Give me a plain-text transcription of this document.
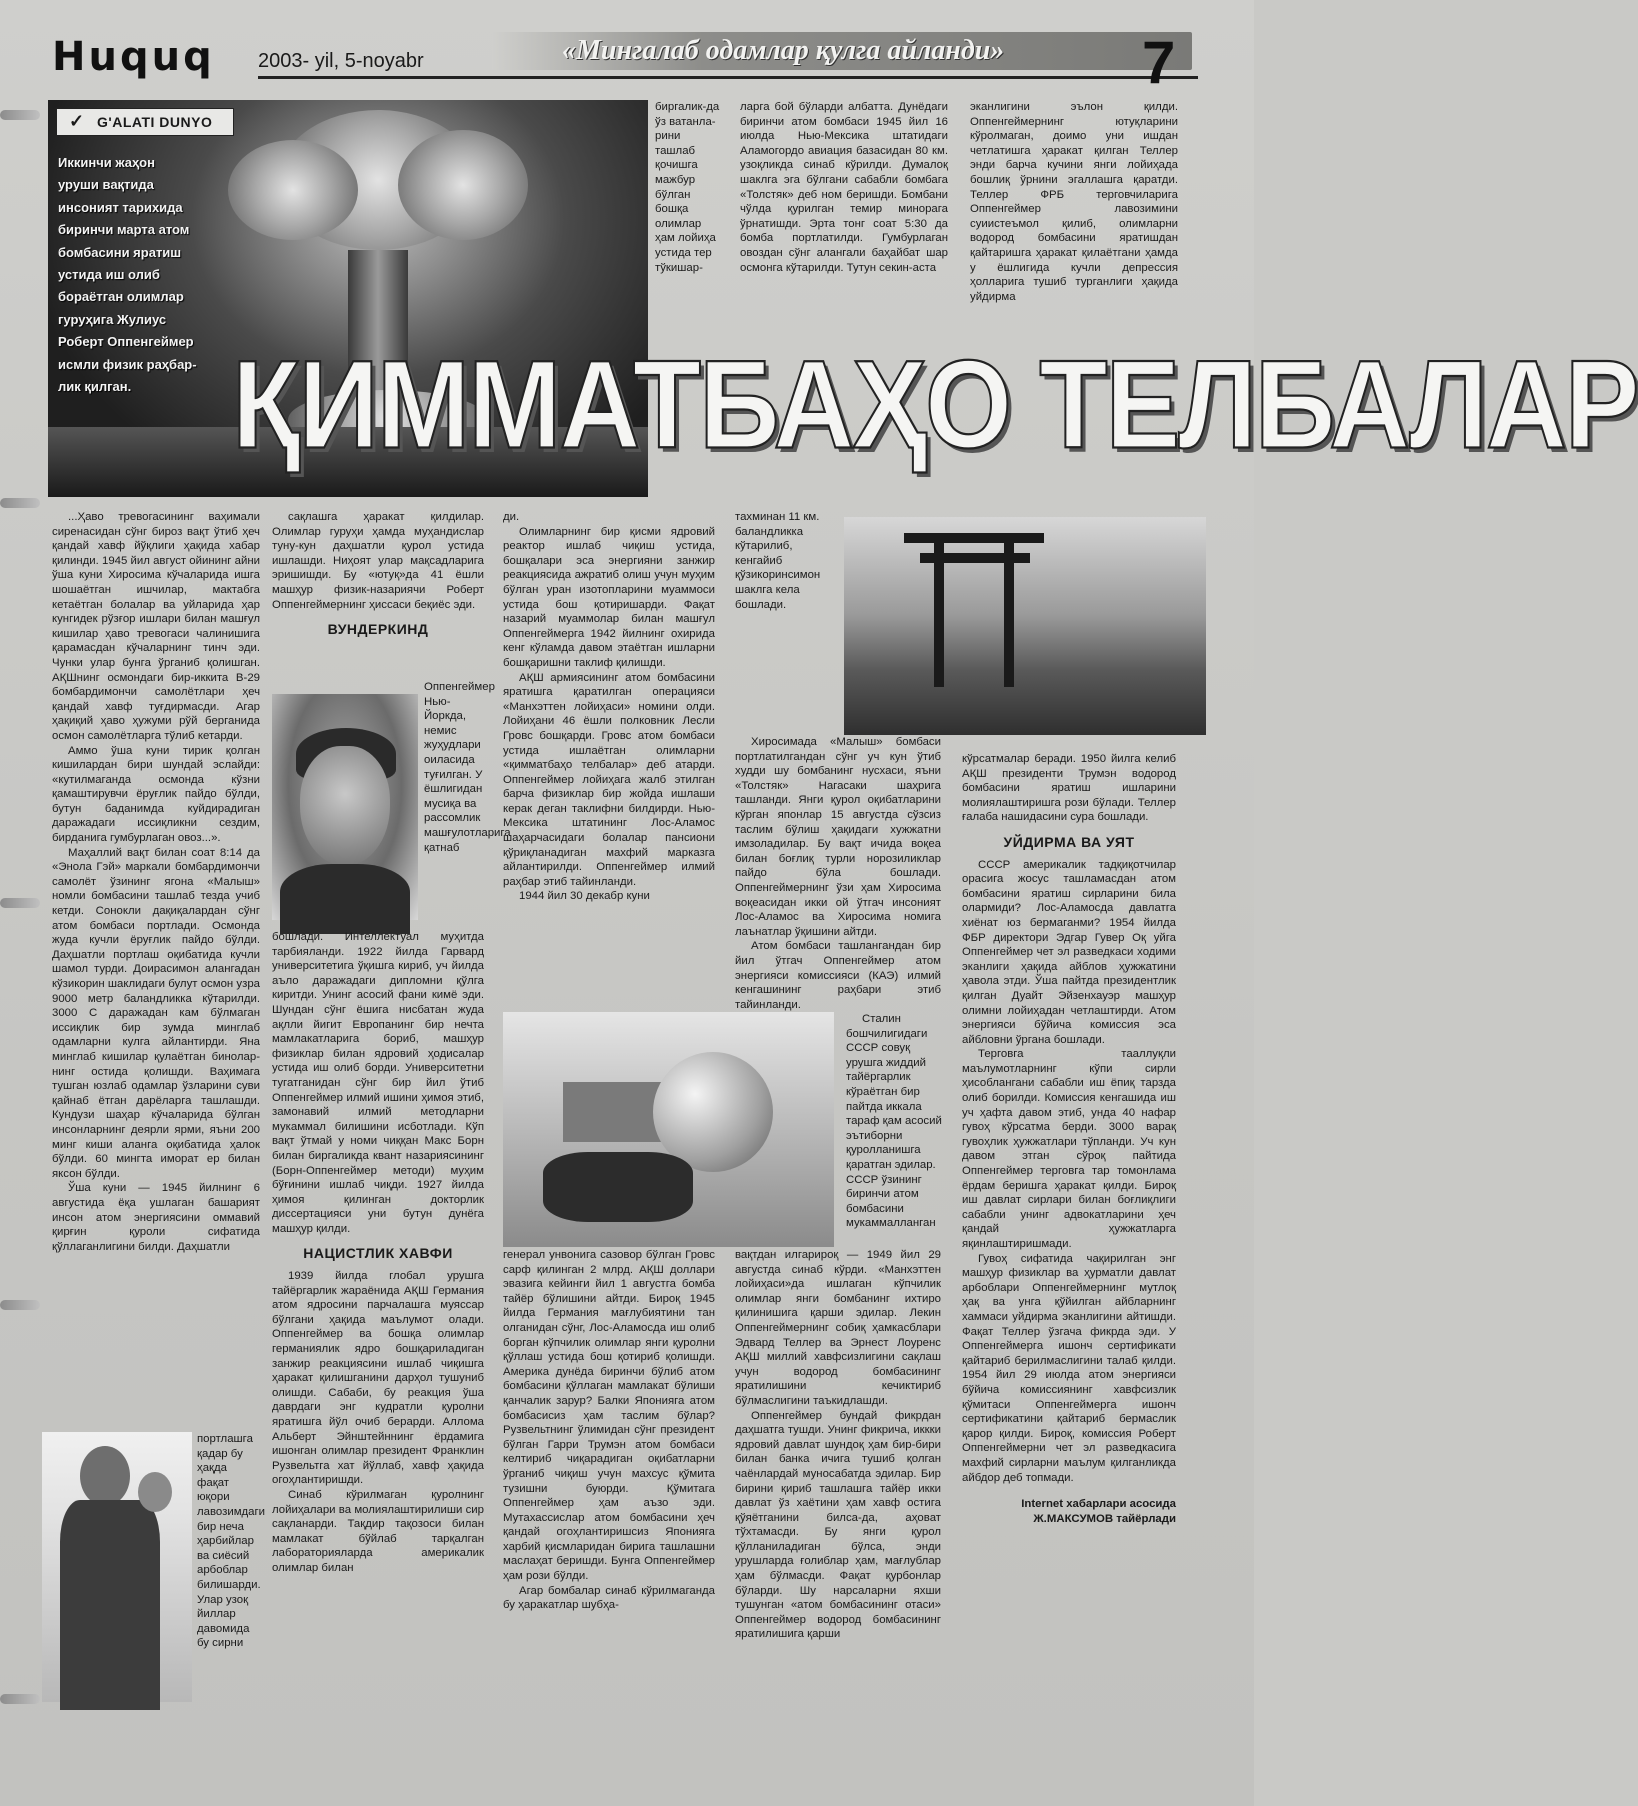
Huquq 2003- yil, 5-noyabr	«Мингалаб одамлар қулга айланди» 7
✓ G'ALATI DUNYO
Иккинчи жаҳон
уруши вақтида
инсоният тарихида
биринчи марта атом
бомбасини яратиш
устида иш олиб
бораётган олимлар
гуруҳига Жулиус
Роберт Оппенгеймер
исмли физик раҳбар-
лик қилган.

биргалик-да ўз ватанла-рини ташлаб қочишга мажбур бўлган бошқа олимлар ҳам лойиҳа устида тер тўкишар-

ларга бой бўларди албатта. Дунёдаги биринчи атом бомбаси 1945 йил 16 июлда Нью-Мексика штатидаги Аламогордо авиация базасидан 80 км. узоқликда синаб кўрилди. Думалоқ шаклга эга бўлгани сабабли бомбага «Толстяк» деб ном беришди. Бомбани чўлда қурилган темир минорага ўрнатишди. Эрта тонг соат 5:30 да бомба портлатилди. Гумбурлаган овоздан сўнг алангали баҳайбат шар осмонга кўтарилди. Тутун секин-аста

эканлигини эълон қилди. Оппенгеймернинг ютуқларини кўролмаган, доимо уни ишдан четлатишга ҳаракат қилган Теллер энди барча кучини янги лойиҳада бошлиқ ўрнини эгаллашга қаратди. Теллер ФРБ терговчиларига Оппенгеймер лавозимини суиистеъмол қилиб, олимларни водород бомбасини яратишдан қайтаришга ҳаракат қилаётгани ҳамда у ёшлигида кучли депрессия ҳолларига тушиб турганлиги ҳақида уйдирма

ҚИММАТБАҲО ТЕЛБАЛАР

...Ҳаво тревогасининг ваҳимали сиренасидан сўнг бироз вақт ўтиб ҳеч қандай хавф йўқлиги ҳақида хабар қилинди. 1945 йил август ойининг айни ўша куни Хиросима кўчаларида ишга шошаётган ишчилар, мактабга кетаётган болалар ва уйларида ҳар кунгидек рўзғор ишлари билан машғул кишилар ҳаво тревогаси чалинишига қарамасдан кўчаларнинг тинч эди. Чунки улар бунга ўрганиб қолишган. АҚШнинг осмондаги бир-иккита В-29 бомбардимончи самолётлари ҳеч қандай хавф туғдирмасди. Агар ҳақиқий ҳаво ҳужуми рўй берганида осмон самолётларга тўлиб кетарди.

Аммо ўша куни тирик қолган кишилардан бири шундай эслайди: «кутилмаганда осмонда кўзни қамаштирувчи ёруғлик пайдо бўлди, бутун баданимда куйдирадиган даражадаги иссиқликни сездим, бирданига гумбурлаган овоз...».

Маҳаллий вақт билан соат 8:14 да «Энола Гэй» маркали бомбардимончи самолёт ўзининг ягона «Малыш» номли бомбасини ташлаб тезда учиб кетди. Сонокли дақиқалардан сўнг атом бомбаси портлади. Осмонда жуда кучли ёруғлик пайдо бўлди. Даҳшатли портлаш оқибатида кучли шамол турди. Доирасимон алангадан кўзикорин шаклидаги булут осмон узра 9000 метр баландликка кўтарилди. 3000 С даражадан кам бўлмаган иссиқлик бир зумда минглаб одамларни кулга айлантирди. Яна минглаб кишилар қулаётган бинолар-нинг остида қолишди. Ваҳимага тушган юзлаб одамлар ўзларини суви қайнаб ётган дарёларга ташлашди. Кундузи шаҳар кўчаларида бўлган инсонларнинг деярли ярми, яъни 200 минг киши аланга оқибатида ҳалок бўлди. 60 мингта иморат ер билан яксон бўлди.

Ўша куни — 1945 йилнинг 6 августида ёқа ушлаган башарият инсон атом энергиясини оммавий қирғин қуроли сифатида қўллаганлигини билди. Даҳшатли

портлашга қадар бу ҳақда фақат юқори лавозимдаги бир неча ҳарбийлар ва сиёсий арбоблар билишарди. Улар узоқ йиллар давомида бу сирни

сақлашга ҳаракат қилдилар. Олимлар гуруҳи ҳамда муҳандислар туну-кун даҳшатли қурол устида ишлашди. Ниҳоят улар мақсадларига эришишди. Бу «ютуқ»да 41 ёшли машҳур физик-назариячи Роберт Оппенгеймернинг ҳиссаси беқиёс эди.

ВУНДЕРКИНД

Оппенгеймер Нью-Йоркда, немис жуҳудлари оиласида туғилган. У ёшлигидан мусиқа ва рассомлик машғулотларига қатнаб

бошлади. Интеллектуал муҳитда тарбияланди. 1922 йилда Гарвард университетига ўқишга кириб, уч йилда аъло даражадаги дипломни қўлга киритди. Унинг асосий фани кимё эди. Шундан сўнг ёшига нисбатан жуда ақлли йигит Европанинг бир нечта мамлакатларига бориб, машҳур физиклар билан ядровий ҳодисалар устида иш олиб борди. Университетни тугатганидан сўнг бир йил ўтиб Оппенгеймер илмий ишини ҳимоя этиб, замонавий илмий методларни мукаммал билишини исботлади. Кўп вақт ўтмай у номи чиққан Макс Борн билан биргаликда квант назариясининг (Борн-Оппенгеймер методи) муҳим бўғинини ишлаб чиқди. 1927 йилда ҳимоя қилинган докторлик диссертацияси уни бутун дунёга машҳур қилди.

НАЦИСТЛИК ХАВФИ

1939 йилда глобал урушга тайёргарлик жараёнида АҚШ Германия атом ядросини парчалашга муяссар бўлгани ҳақида маълумот олади. Оппенгеймер ва бошқа олимлар германиялик ядро бошқариладиган занжир реакциясини ишлаб чиқишга ҳаракат қилишганини дарҳол тушуниб олишди. Сабаби, бу реакция ўша даврдаги энг кудратли қуролни яратишга йўл очиб берарди. Алломa Альберт Эйнштейннинг ёрдамига ишонган олимлар президент Франклин Рузвельтга хат йўллаб, хавф ҳақида огоҳлантиришди.

Синаб кўрилмаган қуролнинг лойиҳалари ва молиялаштирилиши сир сақланарди. Тақдир тақозоси билан мамлакат бўйлаб тарқалган лабораторияларда америкалик олимлар билан

ди.

Олимларнинг бир қисми ядровий реактор ишлаб чиқиш устида, бошқалари эса энергияни занжир реакциясида ажратиб олиш учун муҳим бўлган уран изотопларини муаммоси устида бош қотиришарди. Фақат назарий муаммолар билан машғул Оппенгеймерга 1942 йилнинг охирида кенг кўламда давом этаётган ишларни бошқаришни таклиф қилишди.

АҚШ армиясининг атом бомбасини яратишга қаратилган операцияси «Манхэттен лойиҳаси» номини олди. Лойиҳани 46 ёшли полковник Лесли Гровс бошқарди. Гровс атом бомбаси устида ишлаётган олимларни «қимматбаҳо телбалар» деб атарди. Оппенгеймер лойиҳага жалб этилган барча физиклар бир жойда ишлаши керак деган таклифни билдирди. Нью-Мексика штатининг Лос-Аламос шаҳарчасидаги болалар пансиони қўриқланадиган махфий марказга айлантирилди. Оппенгеймер илмий раҳбар этиб тайинланди.

1944 йил 30 декабр куни

тахминан 11 км. баландликка кўтарилиб, кенгайиб қўзикоринсимон шаклга кела бошлади.

Хиросимада «Малыш» бомбаси портлатилгандан сўнг уч кун ўтиб худди шу бомбанинг нусхаси, яъни «Толстяк» Нагасаки шаҳрига ташланди. Янги қурол оқибатларини кўрган японлар 15 августда сўзсиз таслим бўлиш ҳақидаги хужжатни имзоладилар. Бу вақт ичида воқеа билан боғлиқ турли норозиликлар пайдо бўла бошлади. Оппенгеймернинг ўзи ҳам Хиросима воқеасидан икки ой ўтгач инсоният Лос-Аламос ва Хиросима номига лаънатлар ўқишини айтди.

Атом бомбаси ташлангандан бир йил ўтгач Оппенгеймер атом энергияси комиссияси (КАЭ) илмий кенгашининг раҳбари этиб тайинланди.

Сталин бошчилигидаги СССР совуқ урушга жиддий тайёргарлик кўраётган бир пайтда иккала тараф қам асосий эътиборни қуролланишга қаратган эдилар. СССР ўзининг биринчи атом бомбасини мукаммалланган

генерал унвонига сазовор бўлган Гровс сарф қилинган 2 млрд. АҚШ доллари эвазига кейинги йил 1 августга бомба тайёр бўлишини айтди. Бироқ 1945 йилда Германия мағлубиятини тан олганидан сўнг, Лос-Аламосда иш олиб борган кўпчилик олимлар янги қуролни қўллаш устида бош қотириб қолишди. Америка дунёда биринчи бўлиб атом бомбасини қўллаган мамлакат бўлиши қанчалик зарур? Балки Японияга атом бомбасисиз ҳам таслим бўлар? Рузвельтнинг ўлимидан сўнг президент бўлган Гарри Трумэн атом бомбаси келтириб чиқарадиган оқибатларни ўрганиб чиқиш учун махсус қўмита тузишни буюрди. Қўмитага Оппенгеймер ҳам аъзо эди. Мутахассислар атом бомбасини ҳеч қандай огоҳлантиришсиз Японияга харбий қисмларидан бирига ташлашни маслаҳат беришди. Бунга Оппенгеймер ҳам рози бўлди.

Агар бомбалар синаб кўрилмаганда бу ҳаракатлар шубҳа-

вақтдан илгарироқ — 1949 йил 29 августда синаб кўрди. «Манхэттен лойиҳаси»да ишлаган кўпчилик олимлар янги бомбанинг ихтиро қилинишига қарши эдилар. Лекин Оппенгеймернинг собиқ ҳамкасблари Эдвард Теллер ва Эрнест Лоуренс АҚШ миллий хавфсизлигини сақлаш учун водород бомбасининг яратилишини кечиктириб бўлмаслигини таъкидлашди.

Оппенгеймер бундай фикрдан даҳшатга тушди. Унинг фикрича, иккки ядровий давлат шундоқ ҳам бир-бири билан банка ичига тушиб қолган чаёнлардай муносабатда эдилар. Бир бирини қириб ташлашга тайёр икки давлат ўз хаётини ҳам хавф остига қўяётганини билса-да, аҳоват тўхтамасди. Бу янги қурол қўлланиладиган бўлса, энди урушларда ғолиблар ҳам, мағлублар ҳам бўлмасди. Фақат қурбонлар бўларди. Шу нарсаларни яхши тушунган «атом бомбасининг отаси» Оппенгеймер водород бомбасининг яратилишига қарши

кўрсатмалар беради. 1950 йилга келиб АҚШ президенти Трумэн водород бомбасини яратиш ишларини молиялаштиришга рози бўлади. Теллер ғалаба нашидасини сура бошлади.

УЙДИРМА ВА УЯТ

СССР америкалик тадқиқотчилар орасига жосус ташламасдан атом бомбасини яратиш сирларини била олармиди? Лос-Аламосда давлатга хиёнат юз бермаганми? 1954 йилда ФБР директори Эдгар Гувер Оқ уйга Оппенгеймер чет эл разведкаси ходими эканлиги ҳақида айблов ҳужжатини ҳавола этди. Ўша пайтда президентлик қилган Дуайт Эйзенхауэр машҳур олимни лойиҳадан четлаштирди. Атом энергияси бўйича комиссия эса айбловни ўрганa бошлади.

Терговга тааллуқли маълумотларнинг кўпи сирли ҳисоблангани сабабли иш ёпиқ тарзда олиб борилди. Комиссия кенгашида иш уч ҳафта давом этиб, унда 40 нафар гувоҳ кўрсатма берди. 3000 варақ гувоҳлик ҳужжатлари тўпланди. Уч кун давом этган сўроқ пайтида Оппенгеймер терговга тар томонлама ёрдам беришга ҳаракат қилди. Бироқ иш давлат сирлари билан боғлиқлиги сабабли унинг адвокатларини ҳеч қандай ҳужжатларга яқинлаштиришмади.

Гувоҳ сифатида чақирилган энг машҳур физиклар ва ҳурматли давлат арбоблари Оппенгеймернинг мутлоқ ҳақ ва унга қўйилган айбларнинг хаммаси уйдирма эканлигини айтишди. Фақат Теллер ўзгача фикрда эди. У Оппенгеймерга ишонч сертификати қайтариб берилмаслигини талаб қилди. 1954 йил 29 июлда атом энергияси бўйича комиссиянинг хавфсизлик қўмитаси Оппенгеймерга ишонч сертификатини қайтариб бермаслик қарор қилди. Бироқ, комиссия Роберт Оппенгеймерни чет эл разведкасига махфий сирларни маълум қилганликда айбдор деб топмади.

Internet хабарлари асосида
Ж.МАКСУМОВ тайёрлади
